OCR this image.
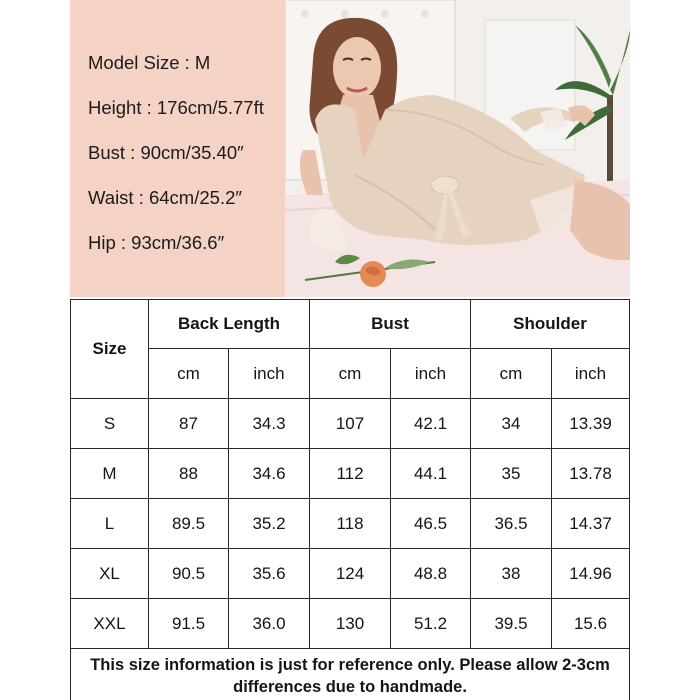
Model Size : M
Height : 176cm/5.77ft
Bust : 90cm/35.40″
Waist : 64cm/25.2″
Hip : 93cm/36.6″
Size	Back Length		Bust		Shoulder	
	cm	inch	cm	inch	cm	inch
S	87	34.3	107	42.1	34	13.39
M	88	34.6	112	44.1	35	13.78
L	89.5	35.2	118	46.5	36.5	14.37
XL	90.5	35.6	124	48.8	38	14.96
XXL	91.5	36.0	130	51.2	39.5	15.6

This size information is just for reference only. Please allow 2-3cm
differences due to handmade.						
